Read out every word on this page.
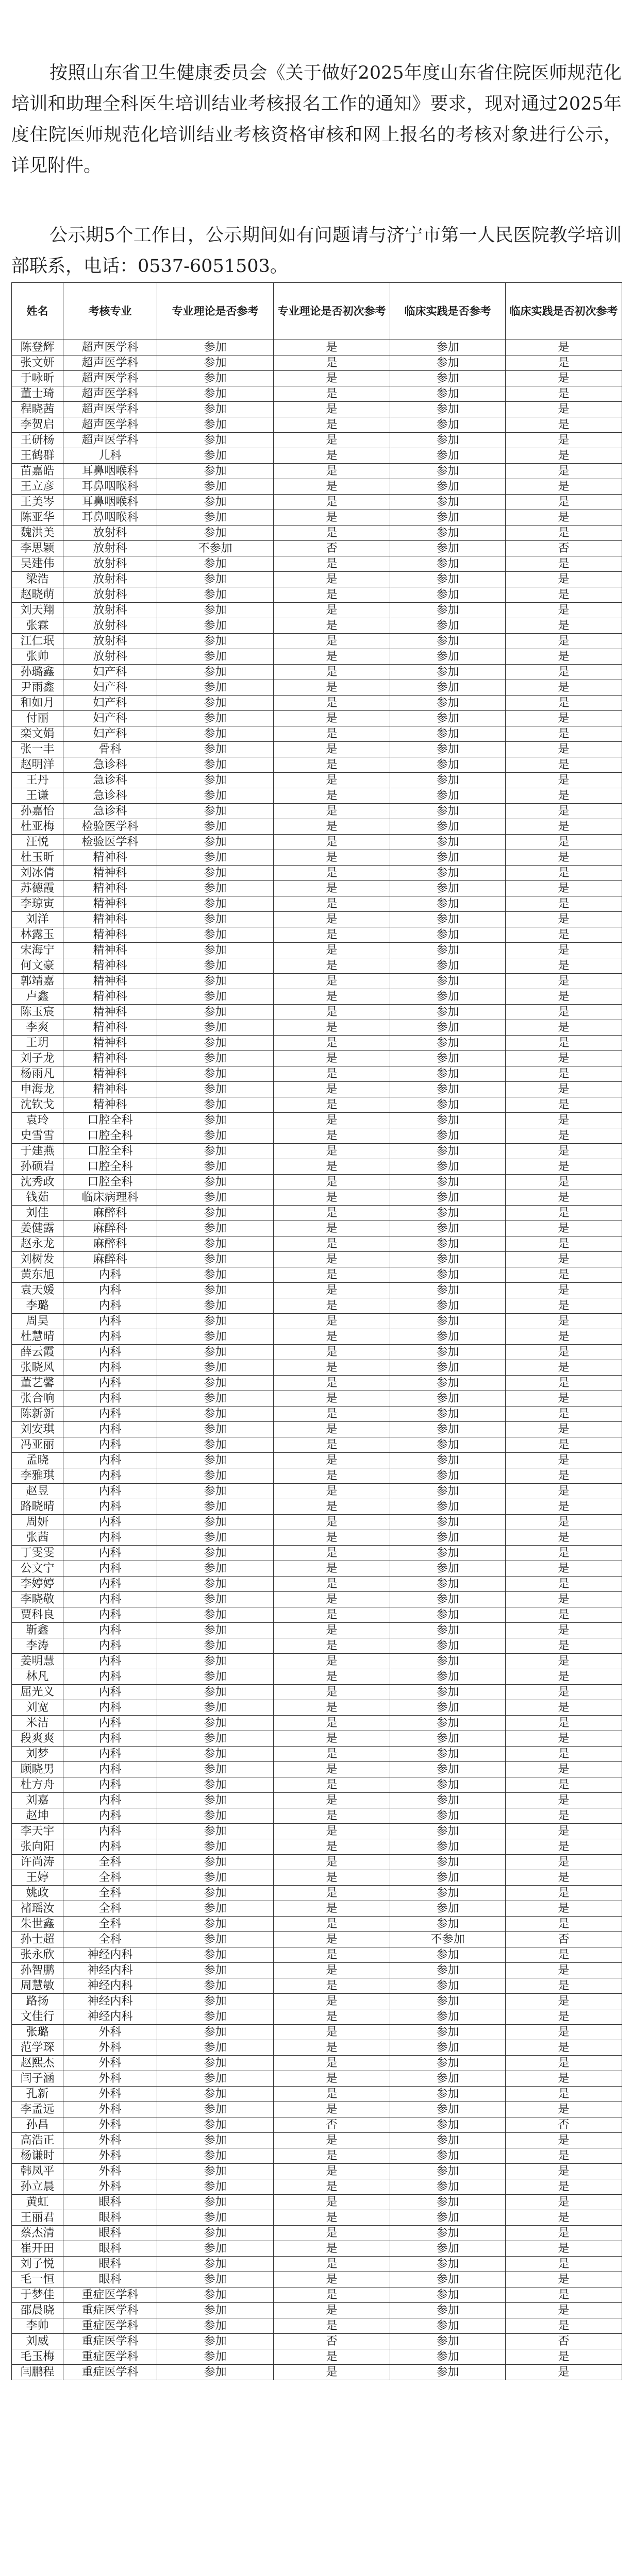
按照山东省卫生健康委员会《关于做好2025年度山东省住院医师规范化培训和助理全科医生培训结业考核报名工作的通知》要求，现对通过2025年度住院医师规范化培训结业考核资格审核和网上报名的考核对象进行公示，详见附件。

公示期5个工作日，公示期间如有问题请与济宁市第一人民医院教学培训部联系，电话：0537-6051503。

姓名	考核专业	专业理论是否参考	专业理论是否初次参考	临床实践是否参考	临床实践是否初次参考
陈登辉	超声医学科	参加	是	参加	是
张文妍	超声医学科	参加	是	参加	是
于咏昕	超声医学科	参加	是	参加	是
董士琦	超声医学科	参加	是	参加	是
程晓茜	超声医学科	参加	是	参加	是
李贺启	超声医学科	参加	是	参加	是
王研杨	超声医学科	参加	是	参加	是
王鹤群	儿科	参加	是	参加	是
苗嘉皓	耳鼻咽喉科	参加	是	参加	是
王立彦	耳鼻咽喉科	参加	是	参加	是
王美岑	耳鼻咽喉科	参加	是	参加	是
陈亚华	耳鼻咽喉科	参加	是	参加	是
魏洪美	放射科	参加	是	参加	是
李思颖	放射科	不参加	否	参加	否
吴建伟	放射科	参加	是	参加	是
梁浩	放射科	参加	是	参加	是
赵晓萌	放射科	参加	是	参加	是
刘天翔	放射科	参加	是	参加	是
张霖	放射科	参加	是	参加	是
江仁珉	放射科	参加	是	参加	是
张帅	放射科	参加	是	参加	是
孙璐鑫	妇产科	参加	是	参加	是
尹雨鑫	妇产科	参加	是	参加	是
和如月	妇产科	参加	是	参加	是
付丽	妇产科	参加	是	参加	是
栾文娟	妇产科	参加	是	参加	是
张一丰	骨科	参加	是	参加	是
赵明洋	急诊科	参加	是	参加	是
王丹	急诊科	参加	是	参加	是
王谦	急诊科	参加	是	参加	是
孙嘉怡	急诊科	参加	是	参加	是
杜亚梅	检验医学科	参加	是	参加	是
汪悦	检验医学科	参加	是	参加	是
杜玉昕	精神科	参加	是	参加	是
刘冰倩	精神科	参加	是	参加	是
苏德霞	精神科	参加	是	参加	是
李琼寅	精神科	参加	是	参加	是
刘洋	精神科	参加	是	参加	是
林露玉	精神科	参加	是	参加	是
宋海宁	精神科	参加	是	参加	是
何文豪	精神科	参加	是	参加	是
郭靖嘉	精神科	参加	是	参加	是
卢鑫	精神科	参加	是	参加	是
陈玉宸	精神科	参加	是	参加	是
李爽	精神科	参加	是	参加	是
王玥	精神科	参加	是	参加	是
刘子龙	精神科	参加	是	参加	是
杨雨凡	精神科	参加	是	参加	是
申海龙	精神科	参加	是	参加	是
沈钦戈	精神科	参加	是	参加	是
袁玲	口腔全科	参加	是	参加	是
史雪雪	口腔全科	参加	是	参加	是
于建燕	口腔全科	参加	是	参加	是
孙硕岩	口腔全科	参加	是	参加	是
沈秀政	口腔全科	参加	是	参加	是
钱茹	临床病理科	参加	是	参加	是
刘佳	麻醉科	参加	是	参加	是
姜健露	麻醉科	参加	是	参加	是
赵永龙	麻醉科	参加	是	参加	是
刘树发	麻醉科	参加	是	参加	是
黄东旭	内科	参加	是	参加	是
袁天媛	内科	参加	是	参加	是
李璐	内科	参加	是	参加	是
周昊	内科	参加	是	参加	是
杜慧晴	内科	参加	是	参加	是
薛云霞	内科	参加	是	参加	是
张晓风	内科	参加	是	参加	是
董艺馨	内科	参加	是	参加	是
张合响	内科	参加	是	参加	是
陈新新	内科	参加	是	参加	是
刘安琪	内科	参加	是	参加	是
冯亚丽	内科	参加	是	参加	是
孟晓	内科	参加	是	参加	是
李雅琪	内科	参加	是	参加	是
赵昱	内科	参加	是	参加	是
路晓晴	内科	参加	是	参加	是
周妍	内科	参加	是	参加	是
张茜	内科	参加	是	参加	是
丁雯雯	内科	参加	是	参加	是
公文宁	内科	参加	是	参加	是
李婷婷	内科	参加	是	参加	是
李晓敬	内科	参加	是	参加	是
贾科良	内科	参加	是	参加	是
靳鑫	内科	参加	是	参加	是
李涛	内科	参加	是	参加	是
姜明慧	内科	参加	是	参加	是
林凡	内科	参加	是	参加	是
屈光义	内科	参加	是	参加	是
刘宽	内科	参加	是	参加	是
米洁	内科	参加	是	参加	是
段爽爽	内科	参加	是	参加	是
刘梦	内科	参加	是	参加	是
顾晓男	内科	参加	是	参加	是
杜方舟	内科	参加	是	参加	是
刘嘉	内科	参加	是	参加	是
赵坤	内科	参加	是	参加	是
李天宇	内科	参加	是	参加	是
张向阳	内科	参加	是	参加	是
许尚涛	全科	参加	是	参加	是
王婷	全科	参加	是	参加	是
姚政	全科	参加	是	参加	是
褚瑶汝	全科	参加	是	参加	是
朱世鑫	全科	参加	是	参加	是
孙士超	全科	参加	是	不参加	否
张永欣	神经内科	参加	是	参加	是
孙智鹏	神经内科	参加	是	参加	是
周慧敏	神经内科	参加	是	参加	是
路扬	神经内科	参加	是	参加	是
文佳行	神经内科	参加	是	参加	是
张璐	外科	参加	是	参加	是
范学琛	外科	参加	是	参加	是
赵熙杰	外科	参加	是	参加	是
闫子涵	外科	参加	是	参加	是
孔新	外科	参加	是	参加	是
李孟远	外科	参加	是	参加	是
孙昌	外科	参加	否	参加	否
高浩正	外科	参加	是	参加	是
杨谦时	外科	参加	是	参加	是
韩凤平	外科	参加	是	参加	是
孙立晨	外科	参加	是	参加	是
黄虹	眼科	参加	是	参加	是
王丽君	眼科	参加	是	参加	是
蔡杰清	眼科	参加	是	参加	是
崔开田	眼科	参加	是	参加	是
刘子悦	眼科	参加	是	参加	是
毛一恒	眼科	参加	是	参加	是
于梦佳	重症医学科	参加	是	参加	是
邵晨晓	重症医学科	参加	是	参加	是
李帅	重症医学科	参加	是	参加	是
刘威	重症医学科	参加	否	参加	否
毛玉梅	重症医学科	参加	是	参加	是
闫鹏程	重症医学科	参加	是	参加	是
